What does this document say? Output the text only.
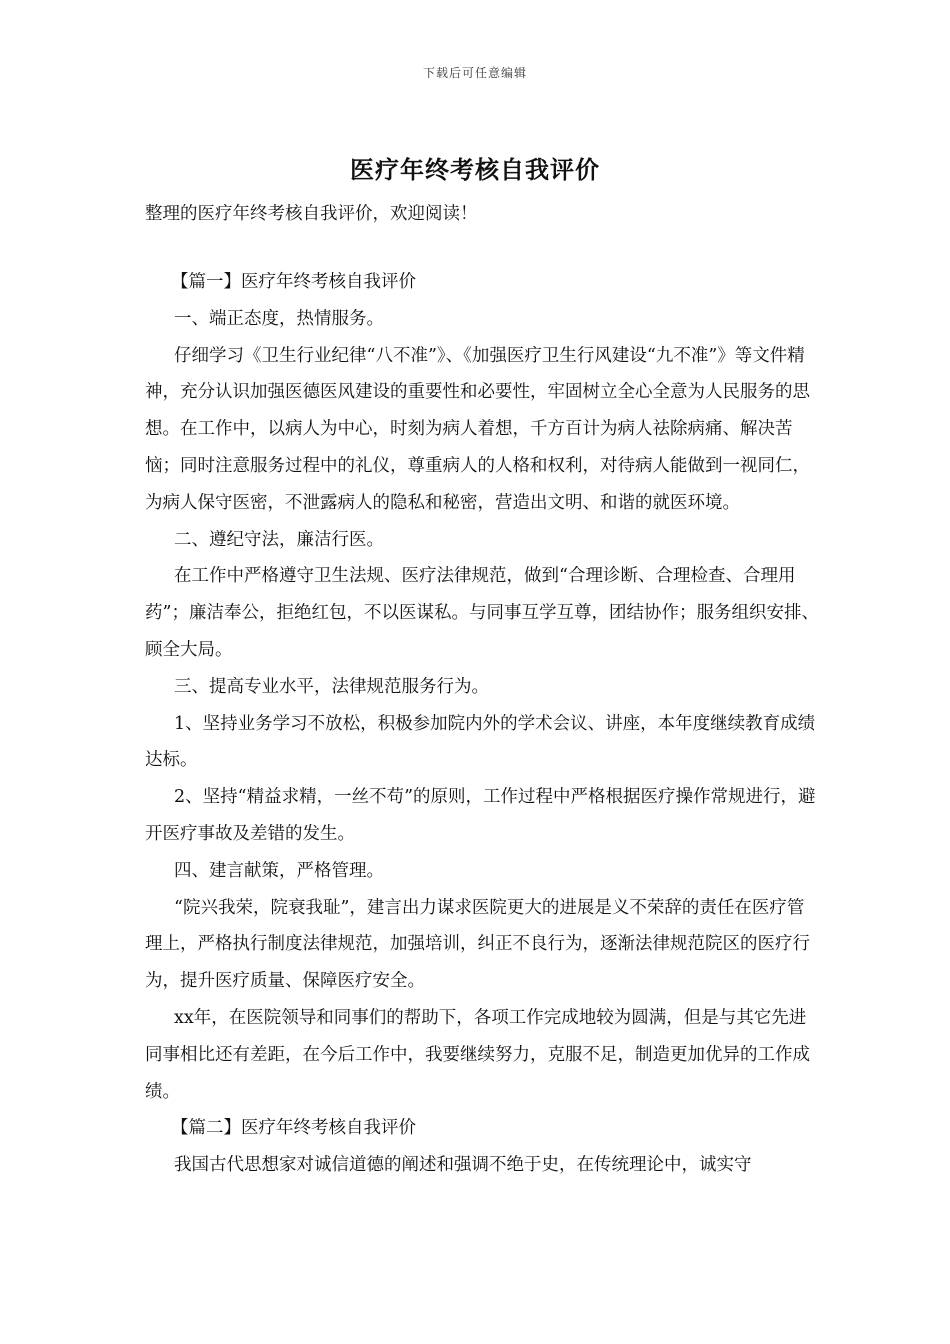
下载后可任意编辑
医疗年终考核自我评价
整理的医疗年终考核自我评价，欢迎阅读！

【篇一】医疗年终考核自我评价

一、端正态度，热情服务。

仔细学习《卫生行业纪律“八不准”》、《加强医疗卫生行风建设“九不准”》等文件精神，充分认识加强医德医风建设的重要性和必要性，牢固树立全心全意为人民服务的思想。在工作中，以病人为中心，时刻为病人着想，千方百计为病人祛除病痛、解决苦恼；同时注意服务过程中的礼仪，尊重病人的人格和权利，对待病人能做到一视同仁，为病人保守医密，不泄露病人的隐私和秘密，营造出文明、和谐的就医环境。

二、遵纪守法，廉洁行医。

在工作中严格遵守卫生法规、医疗法律规范，做到“合理诊断、合理检查、合理用药”；廉洁奉公，拒绝红包，不以医谋私。与同事互学互尊，团结协作；服务组织安排、顾全大局。

三、提高专业水平，法律规范服务行为。

1、坚持业务学习不放松，积极参加院内外的学术会议、讲座，本年度继续教育成绩达标。

2、坚持“精益求精，一丝不苟”的原则，工作过程中严格根据医疗操作常规进行，避开医疗事故及差错的发生。

四、建言献策，严格管理。

“院兴我荣，院衰我耻”，建言出力谋求医院更大的进展是义不荣辞的责任在医疗管理上，严格执行制度法律规范，加强培训，纠正不良行为，逐渐法律规范院区的医疗行为，提升医疗质量、保障医疗安全。

xx年，在医院领导和同事们的帮助下，各项工作完成地较为圆满，但是与其它先进同事相比还有差距，在今后工作中，我要继续努力，克服不足，制造更加优异的工作成绩。

【篇二】医疗年终考核自我评价

我国古代思想家对诚信道德的阐述和强调不绝于史，在传统理论中，诚实守
